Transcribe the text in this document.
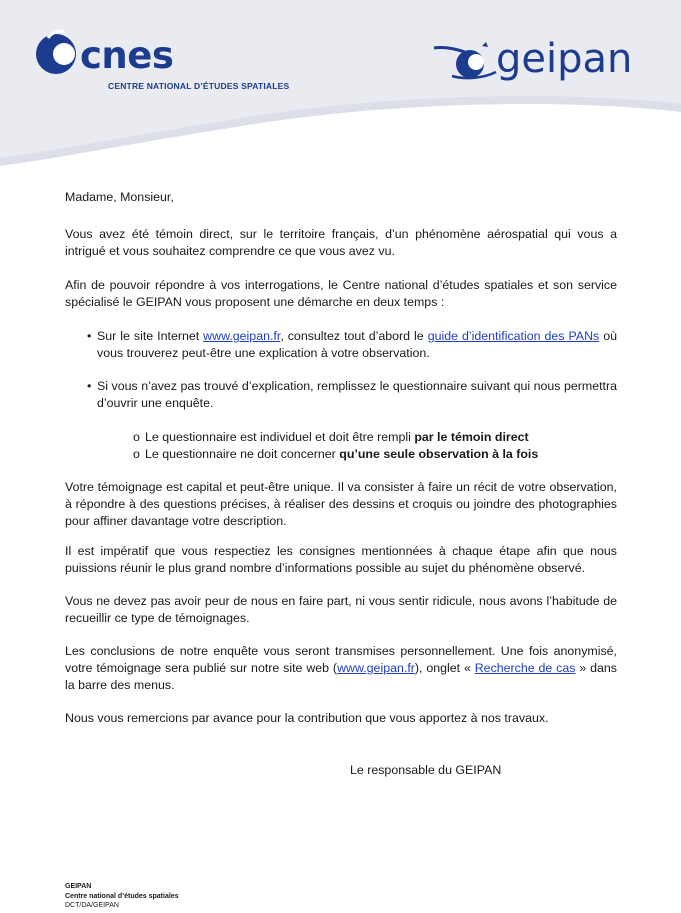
cnes
CENTRE NATIONAL D’ÉTUDES SPATIALES
geipan

Madame, Monsieur,

Vous avez été témoin direct, sur le territoire français, d’un phénomène aérospatial qui vous a intrigué et vous souhaitez comprendre ce que vous avez vu.

Afin de pouvoir répondre à vos interrogations, le Centre national d’études spatiales et son service spécialisé le GEIPAN vous proposent une démarche en deux temps :

• Sur le site Internet www.geipan.fr, consultez tout d’abord le guide d’identification des PANs où vous trouverez peut-être une explication à votre observation.

• Si vous n’avez pas trouvé d’explication, remplissez le questionnaire suivant qui nous permettra d’ouvrir une enquête.

o Le questionnaire est individuel et doit être rempli par le témoin direct

o Le questionnaire ne doit concerner qu’une seule observation à la fois

Votre témoignage est capital et peut-être unique. Il va consister à faire un récit de votre observation, à répondre à des questions précises, à réaliser des dessins et croquis ou joindre des photographies pour affiner davantage votre description.

Il est impératif que vous respectiez les consignes mentionnées à chaque étape afin que nous puissions réunir le plus grand nombre d’informations possible au sujet du phénomène observé.

Vous ne devez pas avoir peur de nous en faire part, ni vous sentir ridicule, nous avons l’habitude de recueillir ce type de témoignages.

Les conclusions de notre enquête vous seront transmises personnellement. Une fois anonymisé, votre témoignage sera publié sur notre site web (www.geipan.fr), onglet « Recherche de cas » dans la barre des menus.

Nous vous remercions par avance pour la contribution que vous apportez à nos travaux.

Le responsable du GEIPAN

GEIPAN
Centre national d’études spatiales
DCT/DA/GEIPAN
